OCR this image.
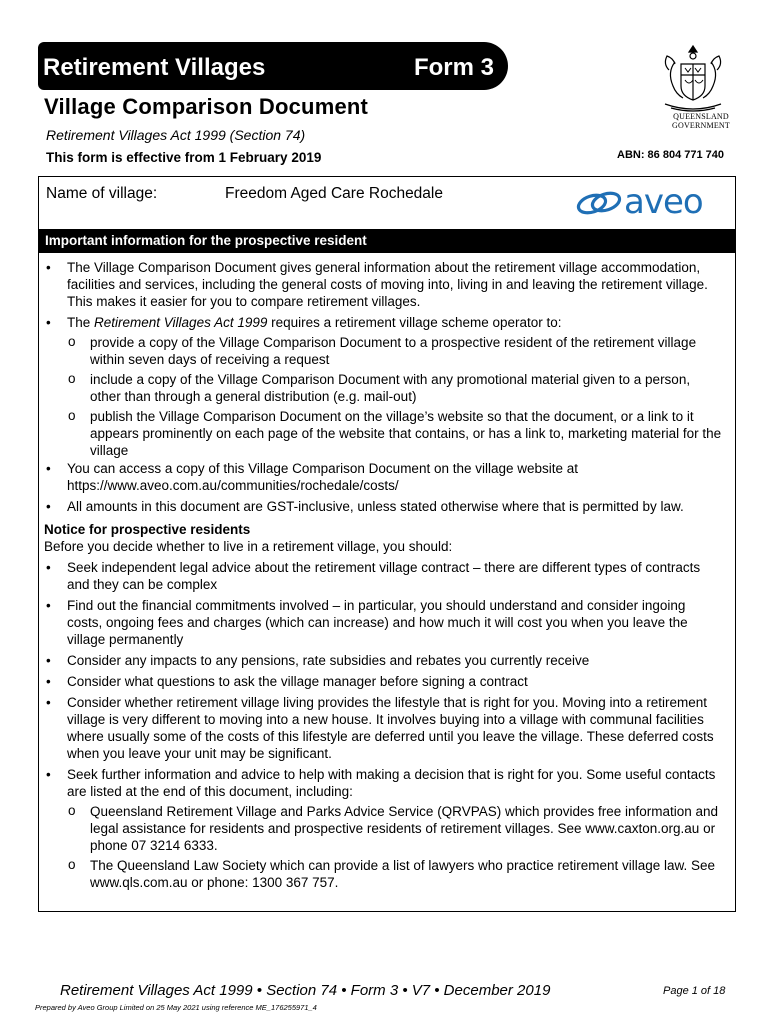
Retirement Villages	Form 3
Village Comparison Document
Retirement Villages Act 1999 (Section 74)
This form is effective from 1 February 2019	ABN: 86 804 771 740
QUEENSLAND
GOVERNMENT
Name of village:	Freedom Aged Care Rochedale	aveo
Important information for the prospective resident
• The Village Comparison Document gives general information about the retirement village accommodation, facilities and services, including the general costs of moving into, living in and leaving the retirement village. This makes it easier for you to compare retirement villages.
• The Retirement Villages Act 1999 requires a retirement village scheme operator to:
o provide a copy of the Village Comparison Document to a prospective resident of the retirement village within seven days of receiving a request
o include a copy of the Village Comparison Document with any promotional material given to a person, other than through a general distribution (e.g. mail-out)
o publish the Village Comparison Document on the village’s website so that the document, or a link to it appears prominently on each page of the website that contains, or has a link to, marketing material for the village
• You can access a copy of this Village Comparison Document on the village website at https://www.aveo.com.au/communities/rochedale/costs/
• All amounts in this document are GST-inclusive, unless stated otherwise where that is permitted by law.
Notice for prospective residents
Before you decide whether to live in a retirement village, you should:
• Seek independent legal advice about the retirement village contract – there are different types of contracts and they can be complex
• Find out the financial commitments involved – in particular, you should understand and consider ingoing costs, ongoing fees and charges (which can increase) and how much it will cost you when you leave the village permanently
• Consider any impacts to any pensions, rate subsidies and rebates you currently receive
• Consider what questions to ask the village manager before signing a contract
• Consider whether retirement village living provides the lifestyle that is right for you. Moving into a retirement village is very different to moving into a new house. It involves buying into a village with communal facilities where usually some of the costs of this lifestyle are deferred until you leave the village. These deferred costs when you leave your unit may be significant.
• Seek further information and advice to help with making a decision that is right for you. Some useful contacts are listed at the end of this document, including:
o Queensland Retirement Village and Parks Advice Service (QRVPAS) which provides free information and legal assistance for residents and prospective residents of retirement villages. See www.caxton.org.au or phone 07 3214 6333.
o The Queensland Law Society which can provide a list of lawyers who practice retirement village law. See www.qls.com.au or phone: 1300 367 757.
Retirement Villages Act 1999 • Section 74 • Form 3 • V7 • December 2019	Page 1 of 18
Prepared by Aveo Group Limited on 25 May 2021 using reference ME_176255971_4
